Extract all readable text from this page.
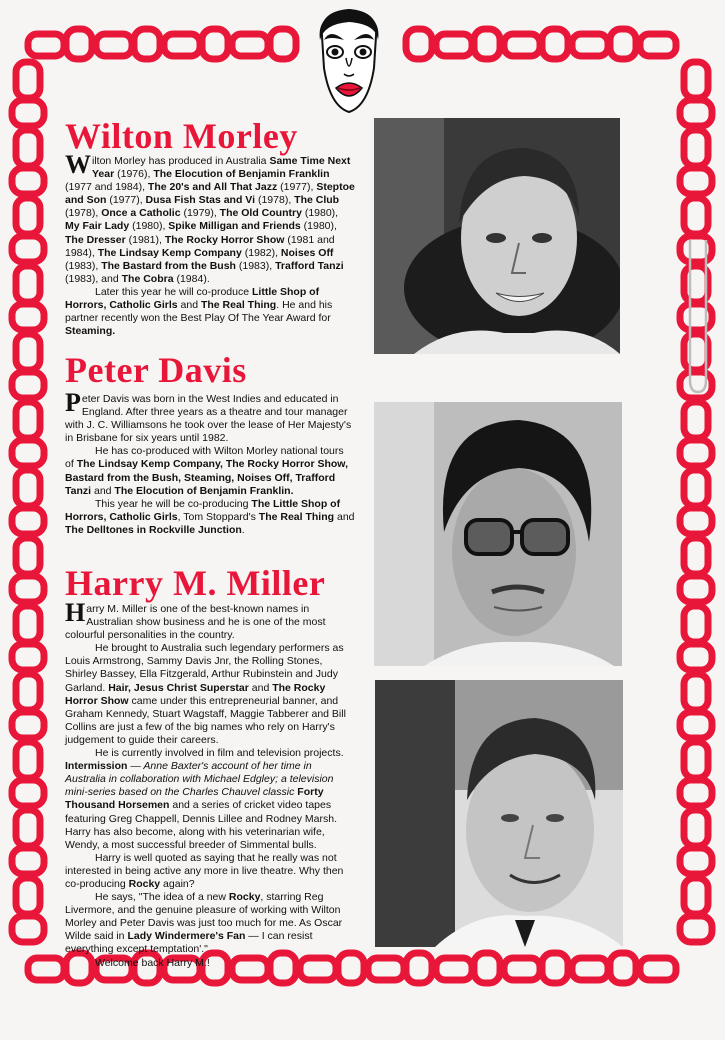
Wilton Morley

Wilton Morley has produced in Australia Same Time Next Year (1976), The Elocution of Benjamin Franklin (1977 and 1984), The 20's and All That Jazz (1977), Steptoe and Son (1977), Dusa Fish Stas and Vi (1978), The Club (1978), Once a Catholic (1979), The Old Country (1980), My Fair Lady (1980), Spike Milligan and Friends (1980), The Dresser (1981), The Rocky Horror Show (1981 and 1984), The Lindsay Kemp Company (1982), Noises Off (1983), The Bastard from the Bush (1983), Trafford Tanzi (1983), and The Cobra (1984).

Later this year he will co-produce Little Shop of Horrors, Catholic Girls and The Real Thing. He and his partner recently won the Best Play Of The Year Award for Steaming.

Peter Davis

Peter Davis was born in the West Indies and educated in England. After three years as a theatre and tour manager with J. C. Williamsons he took over the lease of Her Majesty's in Brisbane for six years until 1982.

He has co-produced with Wilton Morley national tours of The Lindsay Kemp Company, The Rocky Horror Show, Bastard from the Bush, Steaming, Noises Off, Trafford Tanzi and The Elocution of Benjamin Franklin.

This year he will be co-producing The Little Shop of Horrors, Catholic Girls, Tom Stoppard's The Real Thing and The Delltones in Rockville Junction.

Harry M. Miller

Harry M. Miller is one of the best-known names in Australian show business and he is one of the most colourful personalities in the country.

He brought to Australia such legendary performers as Louis Armstrong, Sammy Davis Jnr, the Rolling Stones, Shirley Bassey, Ella Fitzgerald, Arthur Rubinstein and Judy Garland. Hair, Jesus Christ Superstar and The Rocky Horror Show came under this entrepreneurial banner, and Graham Kennedy, Stuart Wagstaff, Maggie Tabberer and Bill Collins are just a few of the big names who rely on Harry's judgement to guide their careers.

He is currently involved in film and television projects. Intermission — Anne Baxter's account of her time in Australia in collaboration with Michael Edgley; a television mini-series based on the Charles Chauvel classic Forty Thousand Horsemen and a series of cricket video tapes featuring Greg Chappell, Dennis Lillee and Rodney Marsh. Harry has also become, along with his veterinarian wife, Wendy, a most successful breeder of Simmental bulls.

Harry is well quoted as saying that he really was not interested in being active any more in live theatre. Why then co-producing Rocky again?

He says, "The idea of a new Rocky, starring Reg Livermore, and the genuine pleasure of working with Wilton Morley and Peter Davis was just too much for me. As Oscar Wilde said in Lady Windermere's Fan — I can resist everything except temptation'."

Welcome back Harry M.!
